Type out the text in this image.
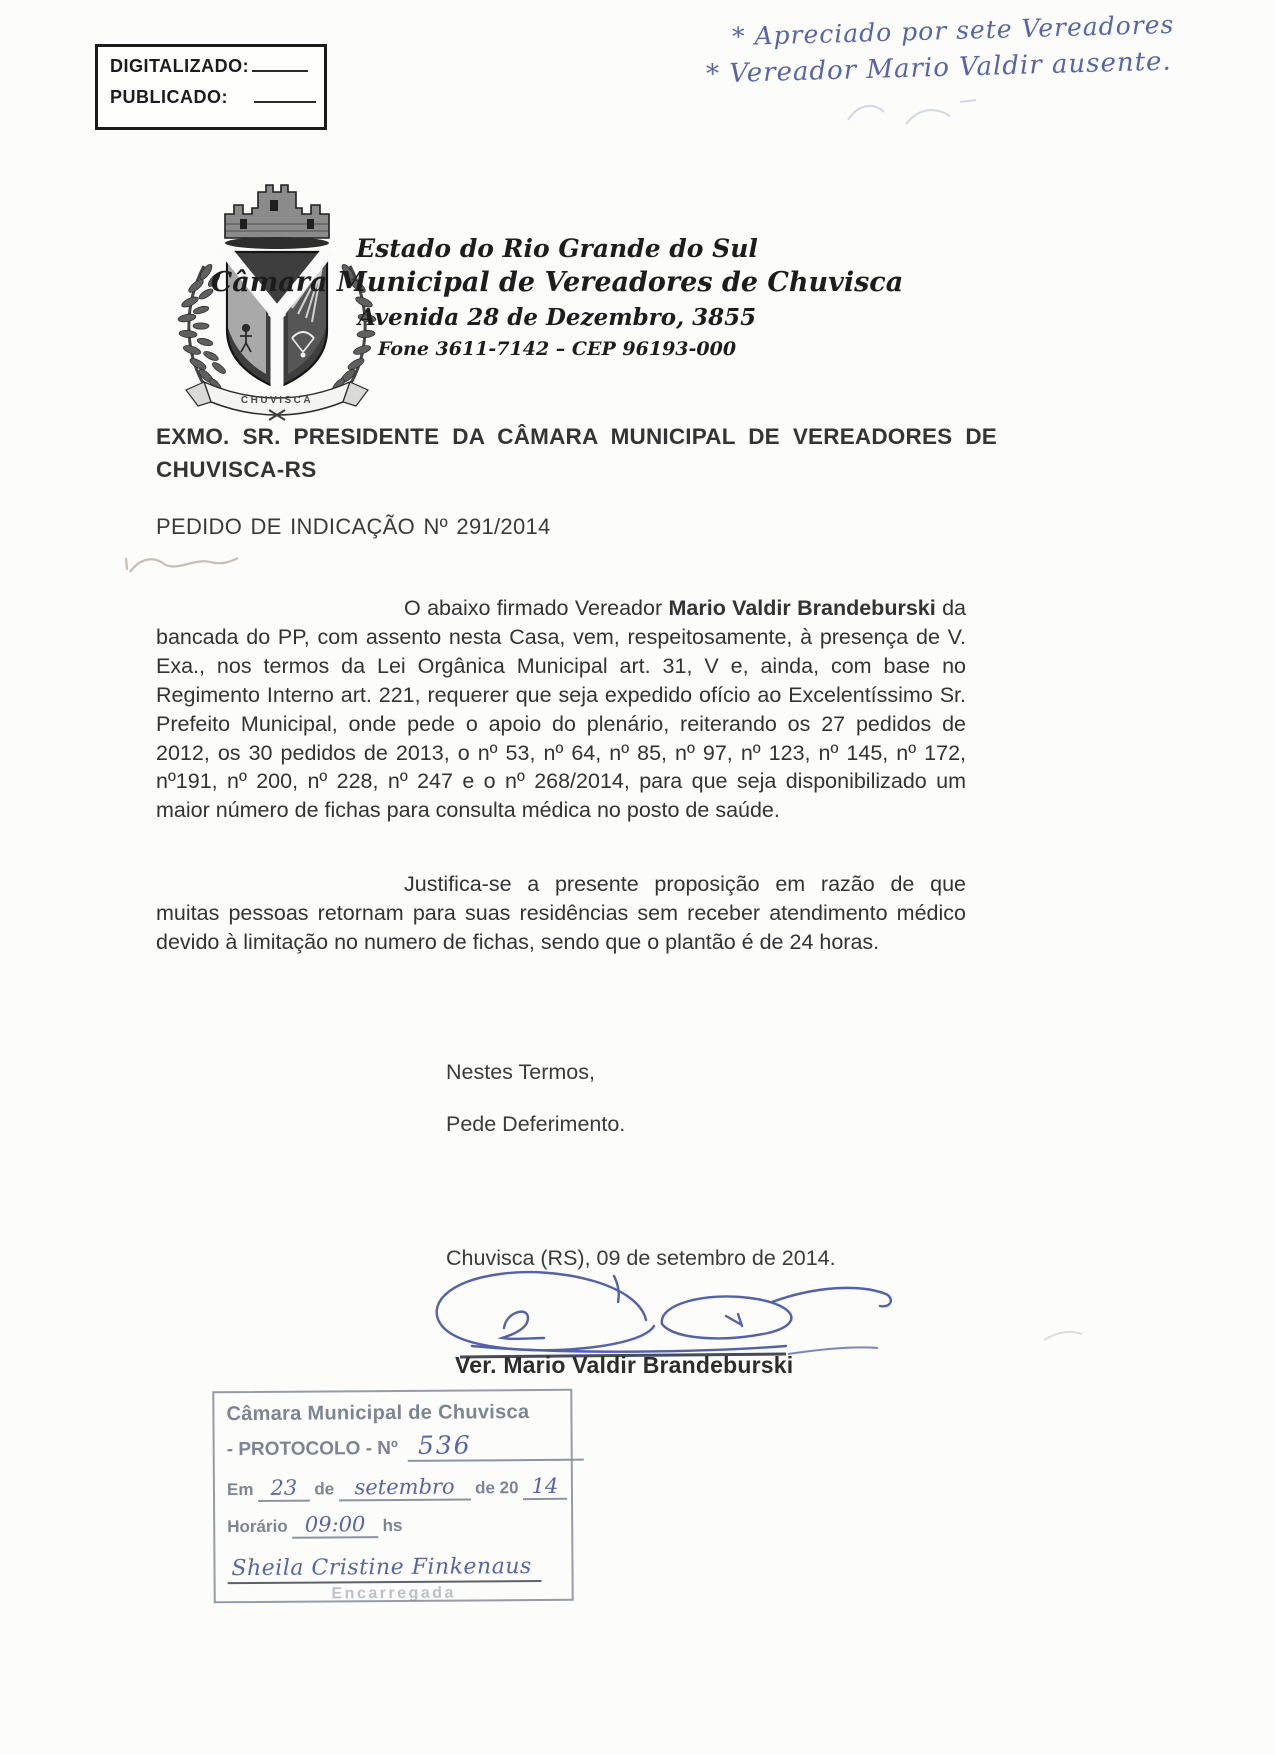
DIGITALIZADO:
PUBLICADO:
* Apreciado por sete Vereadores
* Vereador Mario Valdir ausente.
CHUVISCA
Estado do Rio Grande do Sul
Câmara Municipal de Vereadores de Chuvisca
Avenida 28 de Dezembro, 3855
Fone 3611-7142 – CEP 96193-000
EXMO. SR. PRESIDENTE DA CÂMARA MUNICIPAL DE VEREADORES DE
CHUVISCA-RS
PEDIDO DE INDICAÇÃO Nº 291/2014

O abaixo firmado Vereador Mario Valdir Brandeburski da bancada do PP, com assento nesta Casa, vem, respeitosamente, à presença de V. Exa., nos termos da Lei Orgânica Municipal art. 31, V e, ainda, com base no Regimento Interno art. 221, requerer que seja expedido ofício ao Excelentíssimo Sr. Prefeito Municipal, onde pede o apoio do plenário, reiterando os 27 pedidos de 2012, os 30 pedidos de 2013, o nº 53, nº 64, nº 85, nº 97, nº 123, nº 145, nº 172, nº191, nº 200, nº 228, nº 247 e o nº 268/2014, para que seja disponibilizado um maior número de fichas para consulta médica no posto de saúde.

Justifica-se a presente proposição em razão de que muitas pessoas retornam para suas residências sem receber atendimento médico devido à limitação no numero de fichas, sendo que o plantão é de 24 horas.

Nestes Termos,
Pede Deferimento.
Chuvisca (RS), 09 de setembro de 2014.
Ver. Mario Valdir Brandeburski
Câmara Municipal de Chuvisca
- PROTOCOLO - Nº 536
Em 23 de setembro de 20 14
Horário 09:00 hs
Sheila Cristine Finkenaus
Encarregada
